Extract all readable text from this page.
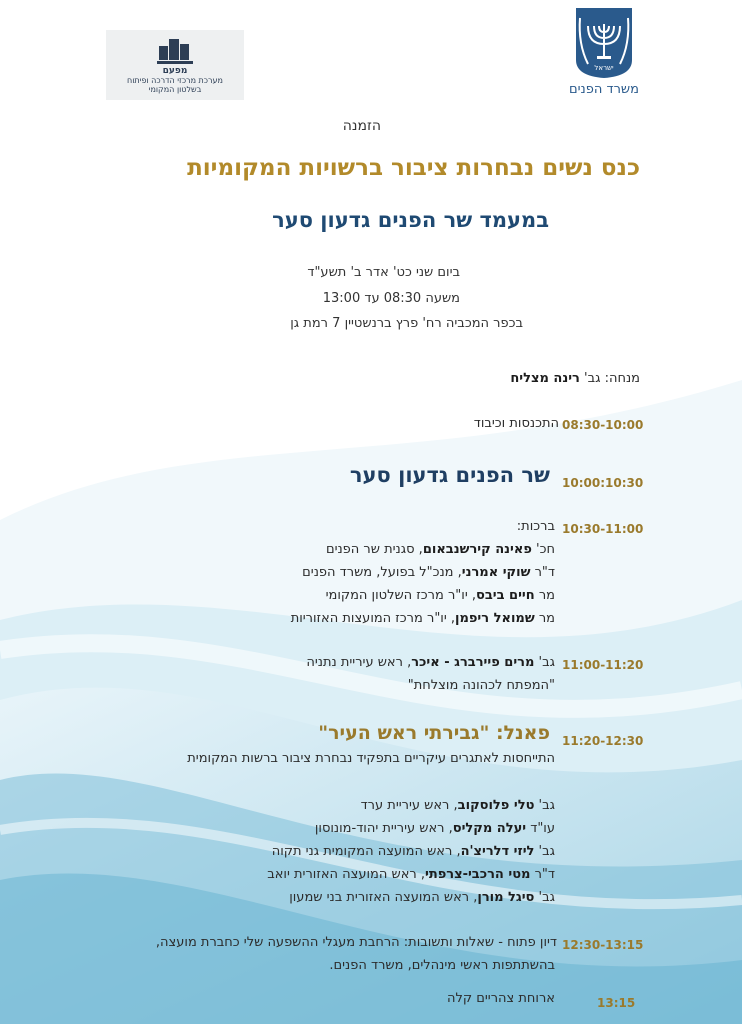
מפעם
מערכת מרכזי הדרכה ופיתוח
בשלטון המקומי
ישראל
משרד הפנים
הזמנה
כנס נשים נבחרות ציבור ברשויות המקומיות
במעמד שר הפנים גדעון סער
ביום שני כט' אדר ב' תשע"ד
משעה 08:30 עד 13:00
בכפר המכביה רח' פרץ ברנשטיין 7 רמת גן
מנחה: גב' רינה מצליח
08:30-10:00
התכנסות וכיבוד
10:00:10:30
שר הפנים גדעון סער
10:30-11:00
ברכות:
חכ' פאינה קירשנבאום, סגנית שר הפנים
ד"ר שוקי אמרני, מנכ"ל בפועל, משרד הפנים
מר חיים ביבס, יו"ר מרכז השלטון המקומי
מר שמואל ריפמן, יו"ר מרכז המועצות האזוריות
11:00-11:20
גב' מרים פיירברג - איכר, ראש עיריית נתניה
"המפתח לכהונה מוצלחת"
11:20-12:30
פאנל: "גבירתי ראש העיר"
התייחסות לאתגרים עיקריים בתפקיד נבחרת ציבור ברשות המקומית
גב' טלי פלוסקוב, ראש עיריית ערד
עו"ד יעלה מקליס, ראש עיריית יהוד-מונוסון
גב' ליזי דלריצ'ה, ראש המועצה המקומית גני תקוה
ד"ר מטי הרכבי-צרפתי, ראש המועצה האזורית יואב
גב' סיגל מורן, ראש המועצה האזורית בני שמעון
12:30-13:15
דיון פתוח - שאלות ותשובות: הרחבת מעגלי ההשפעה שלי כחברת מועצה,
בהשתתפות ראשי מינהלים, משרד הפנים.
13:15
ארוחת צהריים קלה
